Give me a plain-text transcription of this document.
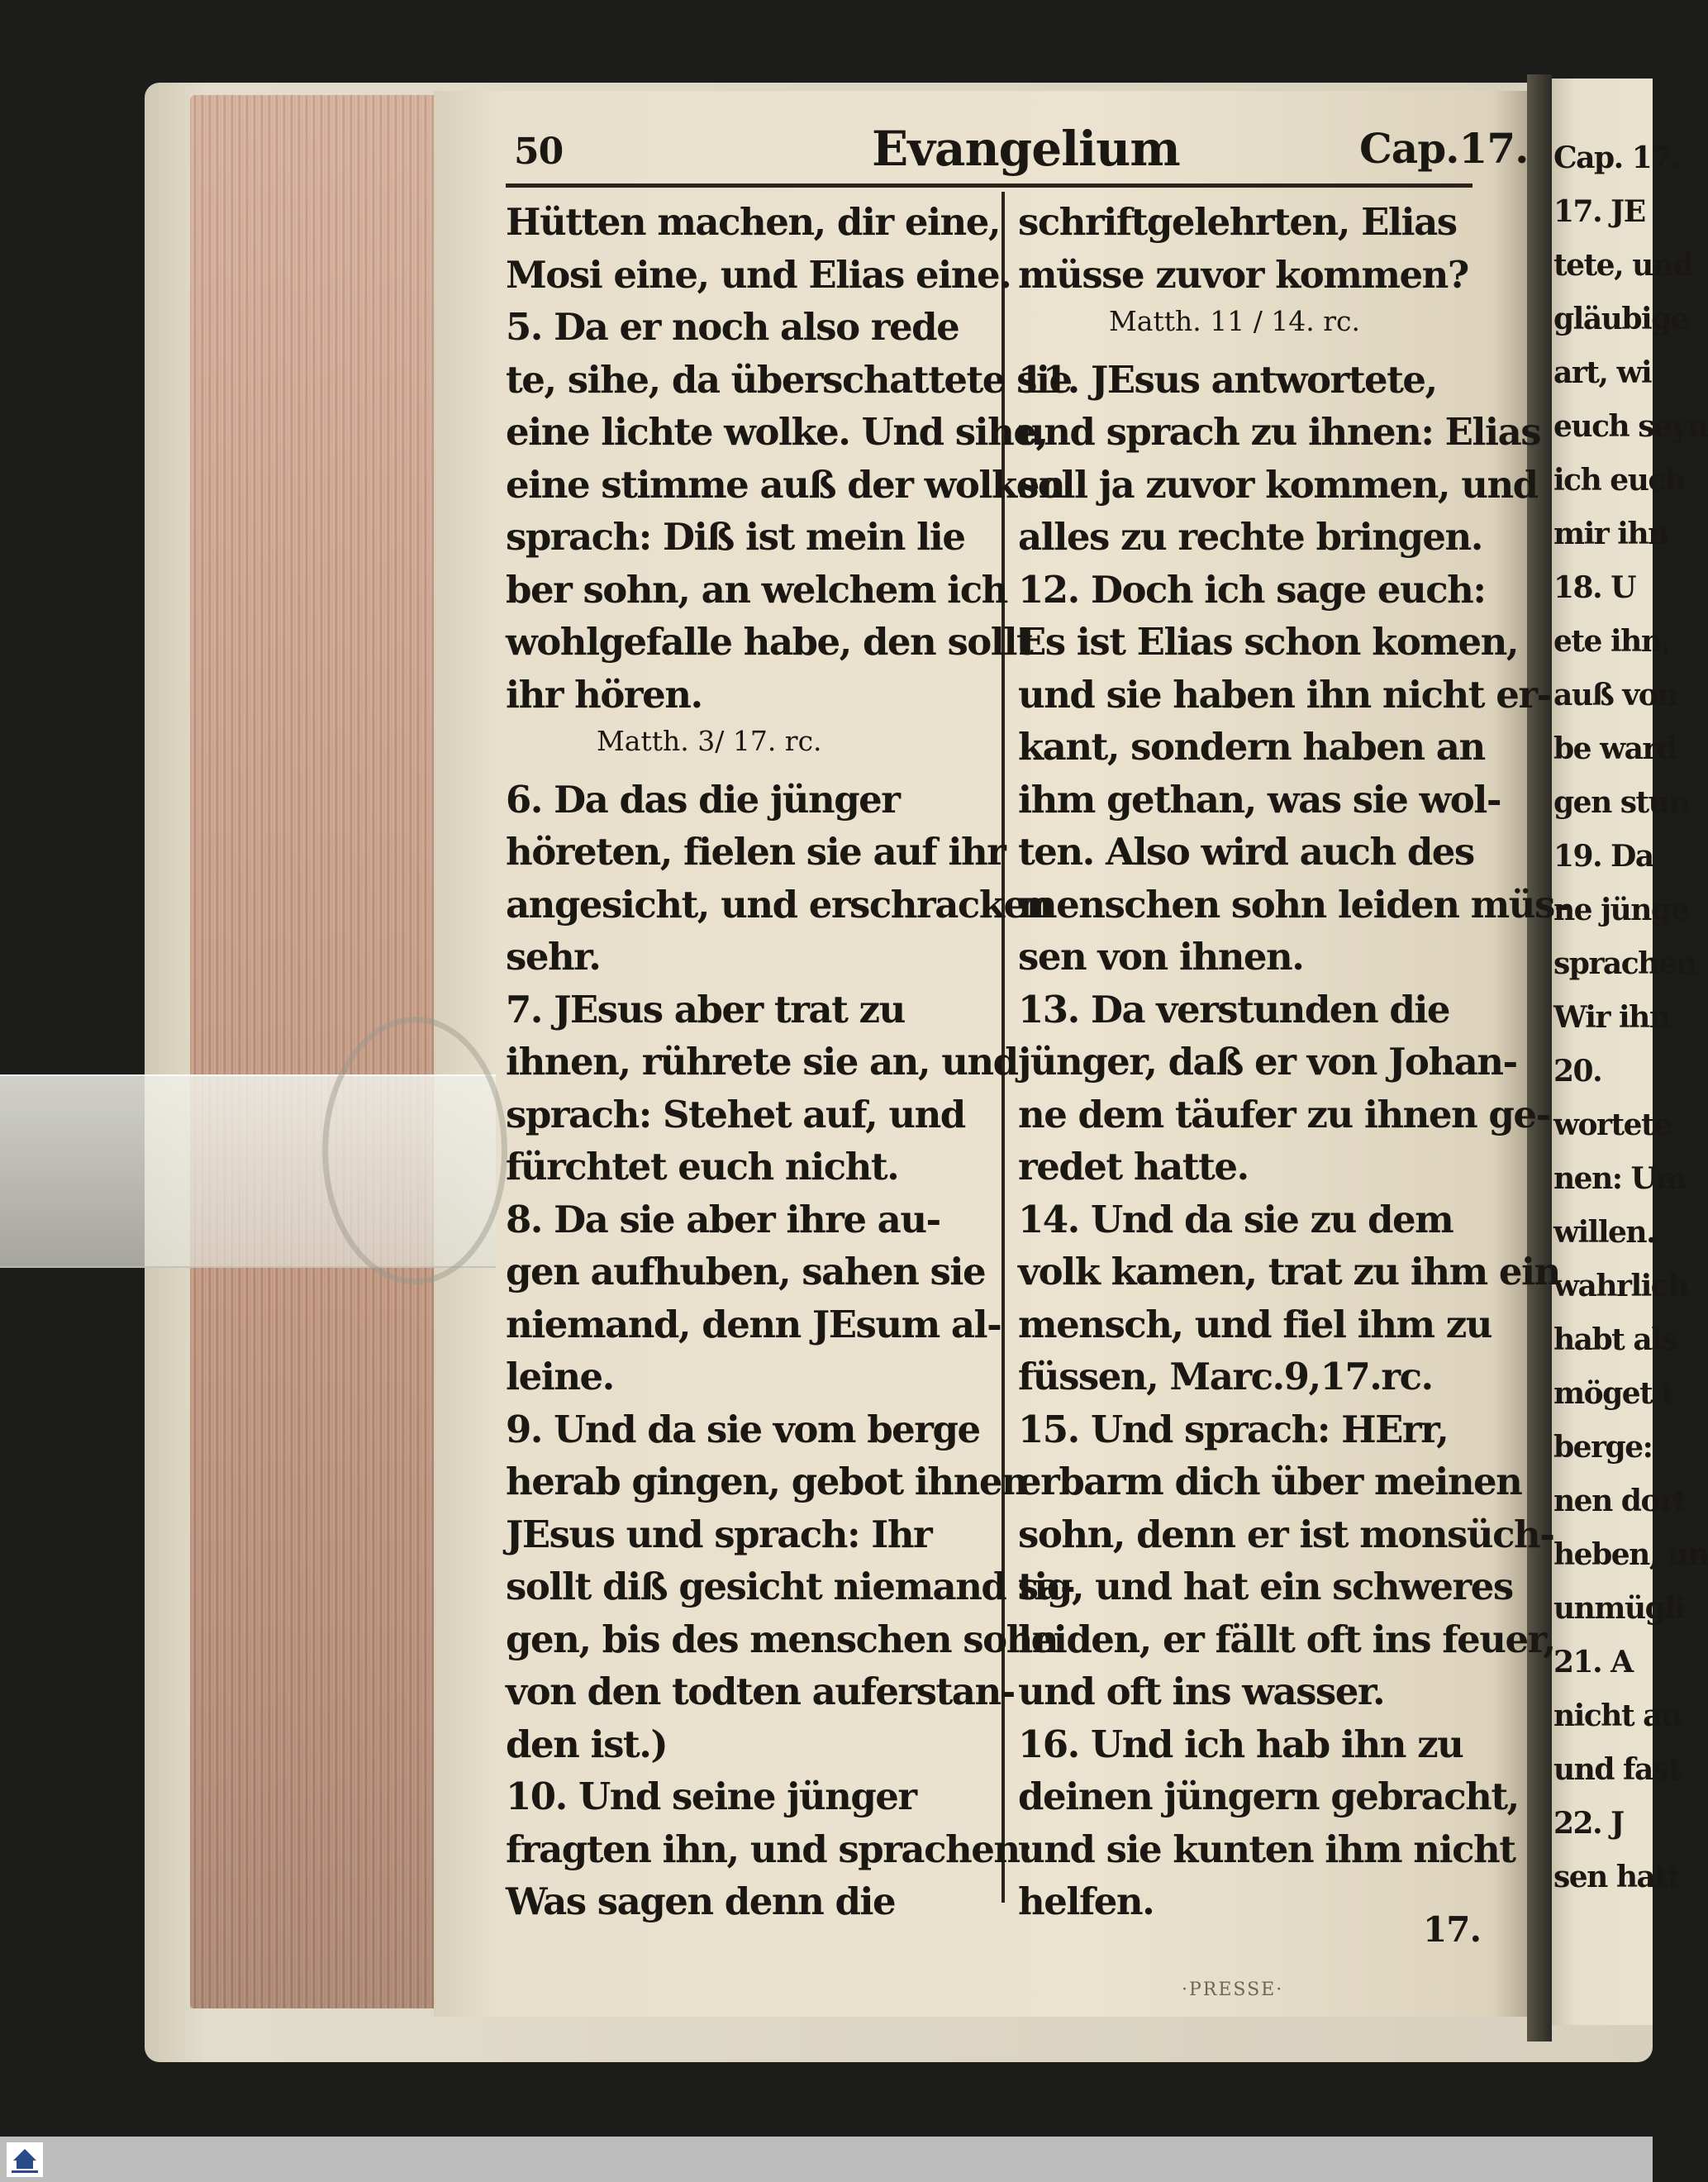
50	Evangelium	Cap.17.
Hütten machen, dir eine,
Mosi eine, und Elias eine.
5. Da er noch also rede
te, sihe, da überschattete sie
eine lichte wolke. Und sihe,
eine stimme auß der wolken
sprach: Diß ist mein lie
ber sohn, an welchem ich
wohlgefalle habe, den sollt
ihr hören.
Matth. 3/ 17. rc.
6. Da das die jünger
höreten, fielen sie auf ihr
angesicht, und erschracken
sehr.
7. JEsus aber trat zu
ihnen, rührete sie an, und
sprach: Stehet auf, und
fürchtet euch nicht.
8. Da sie aber ihre au-
gen aufhuben, sahen sie
niemand, denn JEsum al-
leine.
9. Und da sie vom berge
herab gingen, gebot ihnen
JEsus und sprach: Ihr
sollt diß gesicht niemand sa-
gen, bis des menschen sohn
von den todten auferstan-
den ist.)
10. Und seine jünger
fragten ihn, und sprachen:
Was sagen denn die
schriftgelehrten, Elias
müsse zuvor kommen?
Matth. 11 / 14. rc.
11. JEsus antwortete,
und sprach zu ihnen: Elias
soll ja zuvor kommen, und
alles zu rechte bringen.
12. Doch ich sage euch:
Es ist Elias schon komen,
und sie haben ihn nicht er-
kant, sondern haben an
ihm gethan, was sie wol-
ten. Also wird auch des
menschen sohn leiden müs-
sen von ihnen.
13. Da verstunden die
jünger, daß er von Johan-
ne dem täufer zu ihnen ge-
redet hatte.
14. Und da sie zu dem
volk kamen, trat zu ihm ein
mensch, und fiel ihm zu
füssen, Marc.9,17.rc.
15. Und sprach: HErr,
erbarm dich über meinen
sohn, denn er ist monsüch-
tig, und hat ein schweres
leiden, er fällt oft ins feuer,
und oft ins wasser.
16. Und ich hab ihn zu
deinen jüngern gebracht,
und sie kunten ihm nicht
helfen.
17.
·PRESSE·
Cap. 17.
17. JE
tete, und
gläubige
art, wi
euch seyn
ich euch
mir ihn
18. U
ete ihn,
auß von
be ward
gen stun
19. Da
ne jünge
sprachen
Wir ihn
20.
wortete
nen: Um
willen.
wahrlich
habt als
möget i
berge:
nen dort
heben, un
unmügli
21. A
nicht au
und fast
22. J
sen hatt
